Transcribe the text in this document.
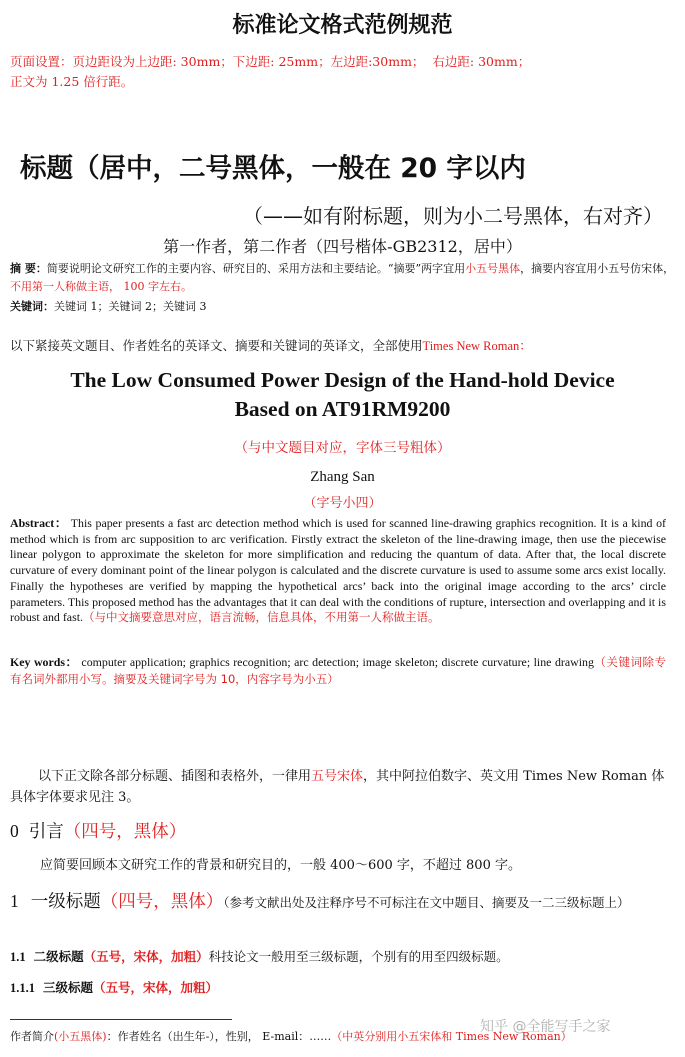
标准论文格式范例规范
页面设置：页边距设为上边距: 30mm；下边距: 25mm；左边距:30mm； 右边距: 30mm；
正文为 1.25 倍行距。
标题（居中，二号黑体，一般在 20 字以内
（——如有附标题，则为小二号黑体，右对齐）
第一作者，第二作者（四号楷体-GB2312，居中）
摘 要：简要说明论文研究工作的主要内容、研究目的、采用方法和主要结论。“摘要”两字宜用小五号黑体，摘要内容宜用小五号仿宋体，不用第一人称做主语， 100 字左右。
关键词：关键词 1；关键词 2；关键词 3
以下紧接英文题目、作者姓名的英译文、摘要和关键词的英译文，全部使用Times New Roman：
The Low Consumed Power Design of the Hand-hold Device
Based on AT91RM9200
（与中文题目对应，字体三号粗体）
Zhang San
（字号小四）
Abstract： This paper presents a fast arc detection method which is used for scanned line-drawing graphics recognition. It is a kind of method which is from arc supposition to arc verification. Firstly extract the skeleton of the line-drawing image, then use the piecewise linear polygon to approximate the skeleton for more simplification and reducing the quantum of data. After that, the local discrete curvature of every dominant point of the linear polygon is calculated and the discrete curvature is used to assume some arcs exist locally. Finally the hypotheses are verified by mapping the hypothetical arcs’ back into the original image according to the arcs’ circle parameters. This proposed method has the advantages that it can deal with the conditions of rupture, intersection and overlapping and it is robust and fast.（与中文摘要意思对应，语言流畅，信息具体，不用第一人称做主语。
Key words： computer application; graphics recognition; arc detection; image skeleton; discrete curvature; line drawing（关键词除专有名词外都用小写。摘要及关键词字号为 10，内容字号为小五）
以下正文除各部分标题、插图和表格外，一律用五号宋体，其中阿拉伯数字、英文用 Times New Roman 体具体字体要求见注 3。
0 引言（四号，黑体）
应简要回顾本文研究工作的背景和研究目的，一般 400～600 字，不超过 800 字。
1 一级标题（四号，黑体）（参考文献出处及注释序号不可标注在文中题目、摘要及一二三级标题上）
1.1 二级标题（五号，宋体，加粗）科技论文一般用至三级标题，个别有的用至四级标题。
1.1.1 三级标题（五号，宋体，加粗）
作者简介(小五黑体)：作者姓名（出生年-），性别， E-mail：……（中英分别用小五宋体和 Times New Roman）
知乎 @全能写手之家
